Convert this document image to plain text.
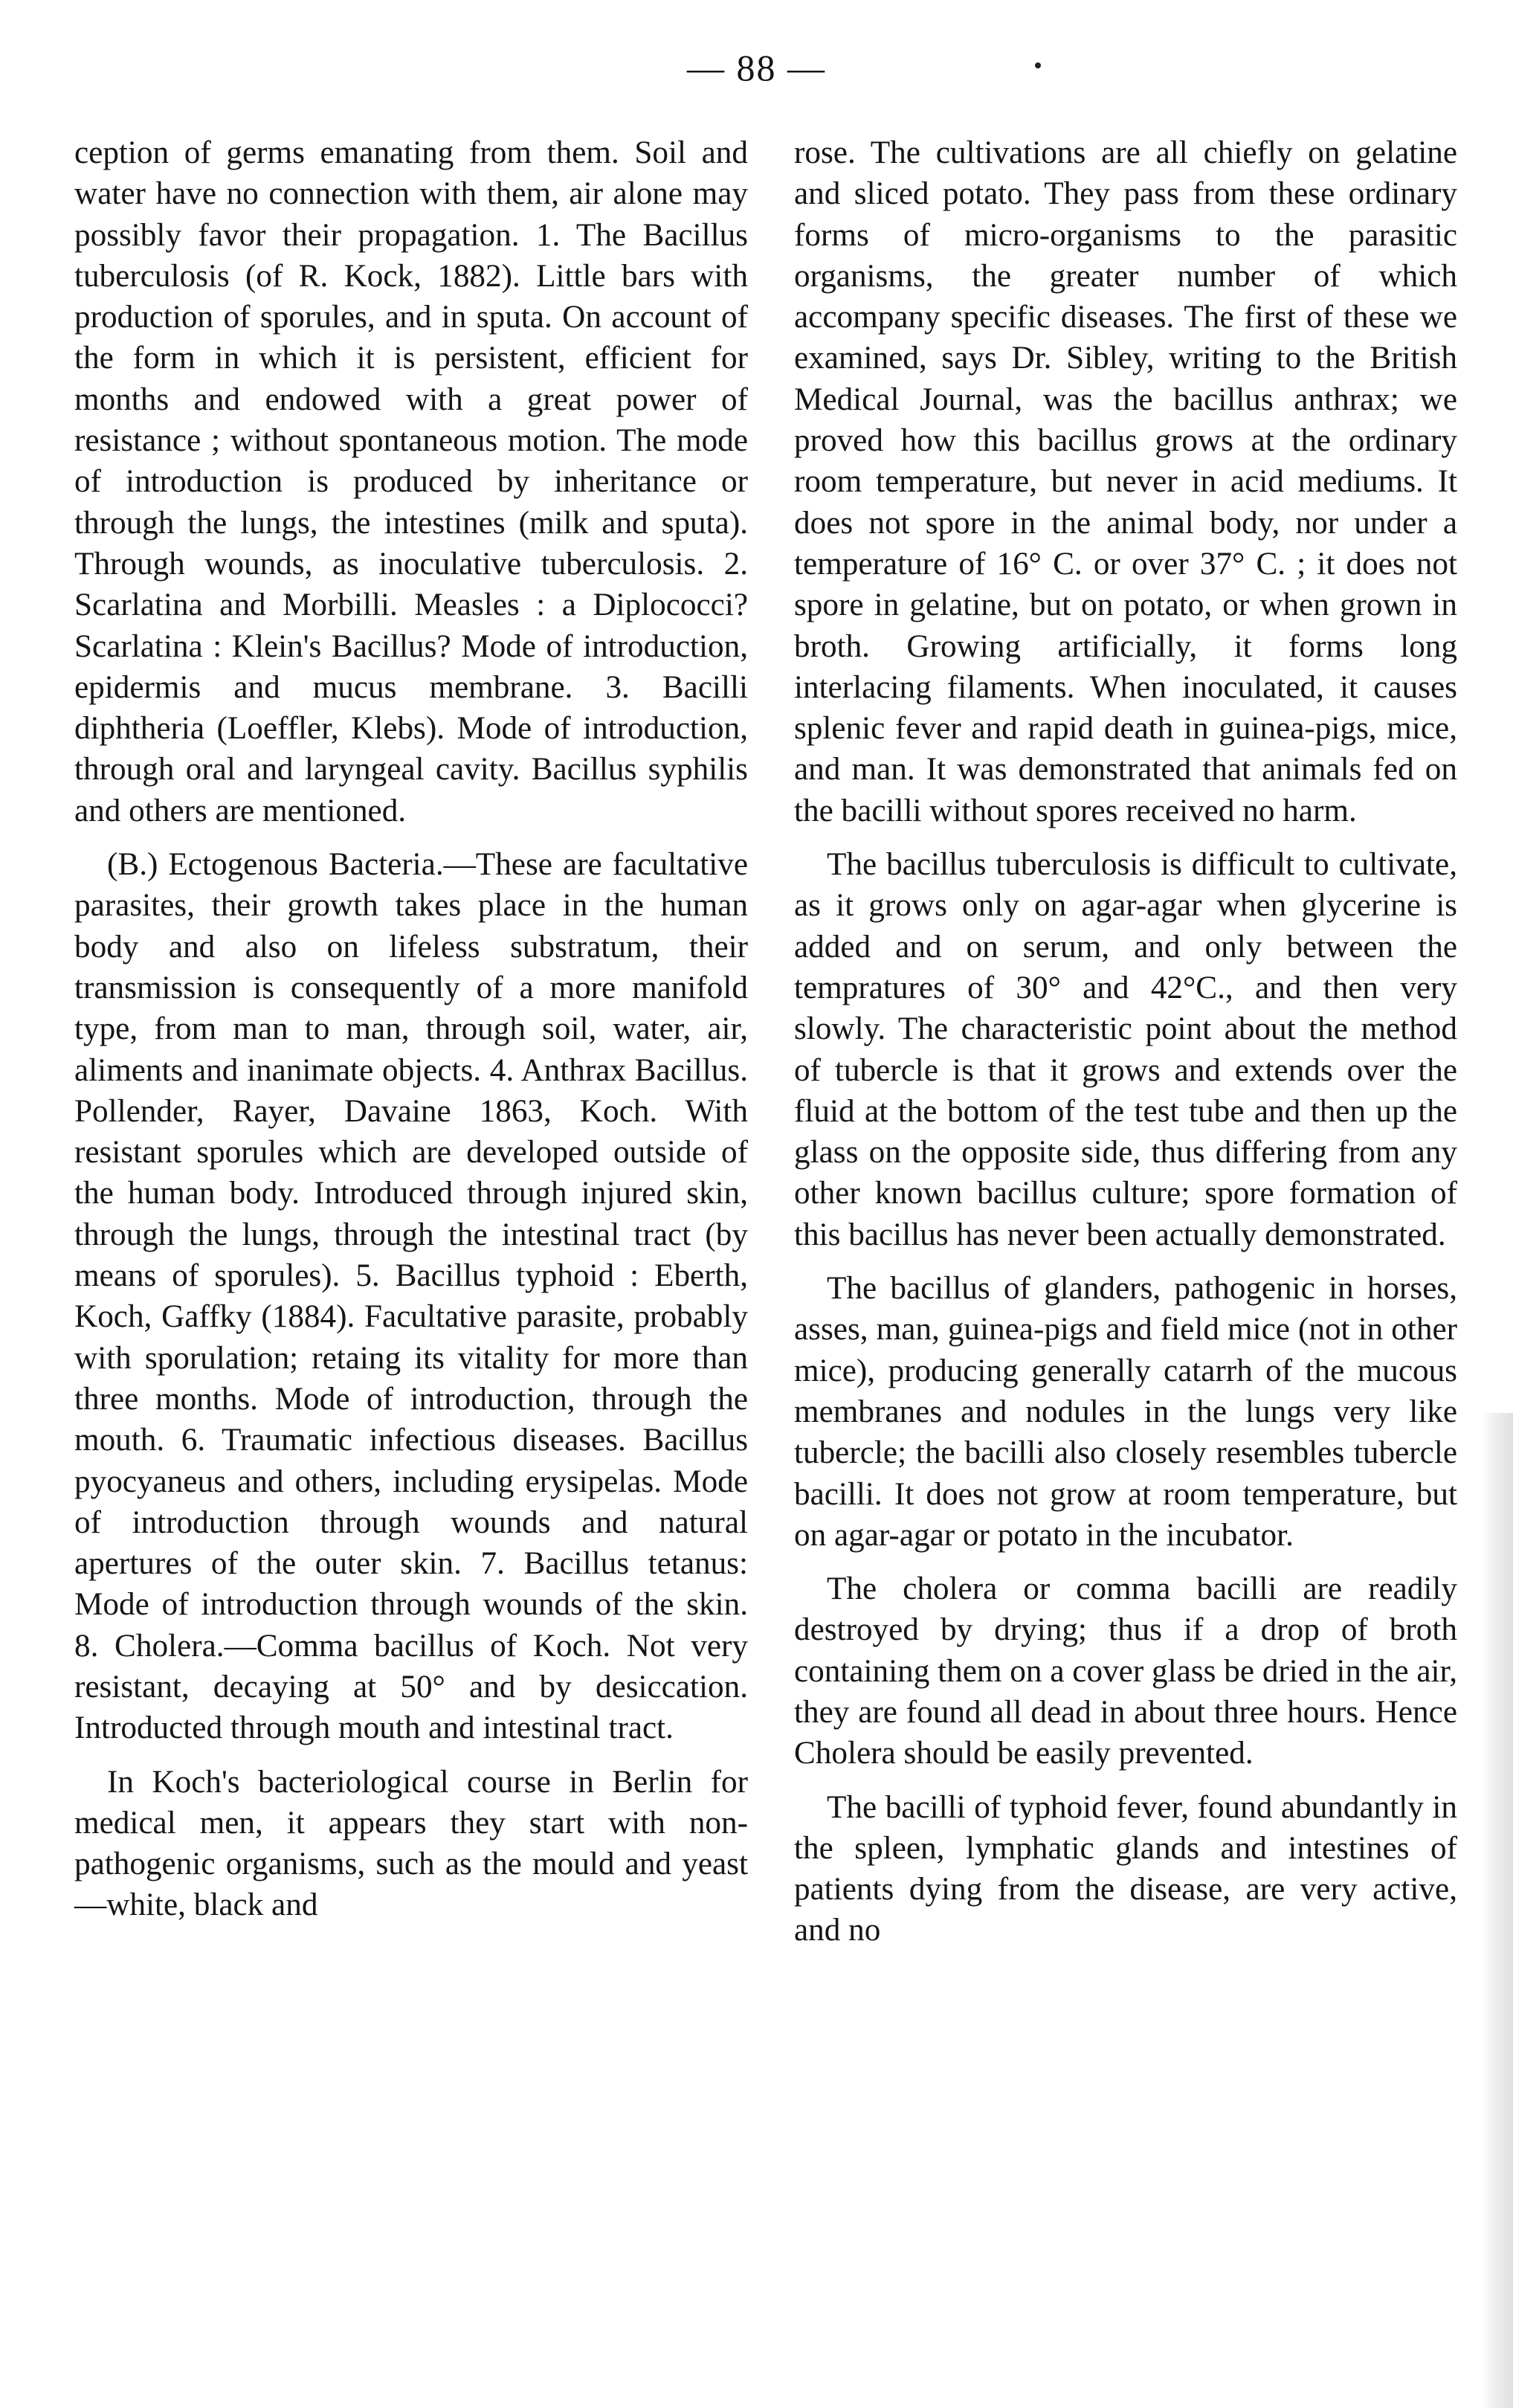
— 88 —

ception of germs emanating from them. Soil and water have no connection with them, air alone may possibly favor their propagation. 1. The Bacillus tuberculosis (of R. Kock, 1882). Little bars with production of sporules, and in sputa. On account of the form in which it is persistent, efficient for months and endowed with a great power of resistance ; without spontaneous motion. The mode of introduction is produced by inheritance or through the lungs, the intestines (milk and sputa). Through wounds, as inoculative tuberculosis. 2. Scarlatina and Morbilli. Measles : a Diplococci? Scarlatina : Klein's Bacillus? Mode of introduction, epidermis and mucus membrane. 3. Bacilli diphtheria (Loeffler, Klebs). Mode of introduction, through oral and laryngeal cavity. Bacillus syphilis and others are mentioned.

(B.) Ectogenous Bacteria.—These are facultative parasites, their growth takes place in the human body and also on lifeless substratum, their transmission is consequently of a more manifold type, from man to man, through soil, water, air, aliments and inanimate objects. 4. Anthrax Bacillus. Pollender, Rayer, Davaine 1863, Koch. With resistant sporules which are developed outside of the human body. Introduced through injured skin, through the lungs, through the intestinal tract (by means of sporules). 5. Bacillus typhoid : Eberth, Koch, Gaffky (1884). Facultative parasite, probably with sporulation; retaing its vitality for more than three months. Mode of introduction, through the mouth. 6. Traumatic infectious diseases. Bacillus pyocyaneus and others, including erysipelas. Mode of introduction through wounds and natural apertures of the outer skin. 7. Bacillus tetanus: Mode of introduction through wounds of the skin. 8. Cholera.—Comma bacillus of Koch. Not very resistant, decaying at 50° and by desiccation. Introducted through mouth and intestinal tract.

In Koch's bacteriological course in Berlin for medical men, it appears they start with non-pathogenic organisms, such as the mould and yeast—white, black and

rose. The cultivations are all chiefly on gelatine and sliced potato. They pass from these ordinary forms of micro-organisms to the parasitic organisms, the greater number of which accompany specific diseases. The first of these we examined, says Dr. Sibley, writing to the British Medical Journal, was the bacillus anthrax; we proved how this bacillus grows at the ordinary room temperature, but never in acid mediums. It does not spore in the animal body, nor under a temperature of 16° C. or over 37° C. ; it does not spore in gelatine, but on potato, or when grown in broth. Growing artificially, it forms long interlacing filaments. When inoculated, it causes splenic fever and rapid death in guinea-pigs, mice, and man. It was demonstrated that animals fed on the bacilli without spores received no harm.

The bacillus tuberculosis is difficult to cultivate, as it grows only on agar-agar when glycerine is added and on serum, and only between the tempratures of 30° and 42°C., and then very slowly. The characteristic point about the method of tubercle is that it grows and extends over the fluid at the bottom of the test tube and then up the glass on the opposite side, thus differing from any other known bacillus culture; spore formation of this bacillus has never been actually demonstrated.

The bacillus of glanders, pathogenic in horses, asses, man, guinea-pigs and field mice (not in other mice), producing generally catarrh of the mucous membranes and nodules in the lungs very like tubercle; the bacilli also closely resembles tubercle bacilli. It does not grow at room temperature, but on agar-agar or potato in the incubator.

The cholera or comma bacilli are readily destroyed by drying; thus if a drop of broth containing them on a cover glass be dried in the air, they are found all dead in about three hours. Hence Cholera should be easily prevented.

The bacilli of typhoid fever, found abundantly in the spleen, lymphatic glands and intestines of patients dying from the disease, are very active, and no
